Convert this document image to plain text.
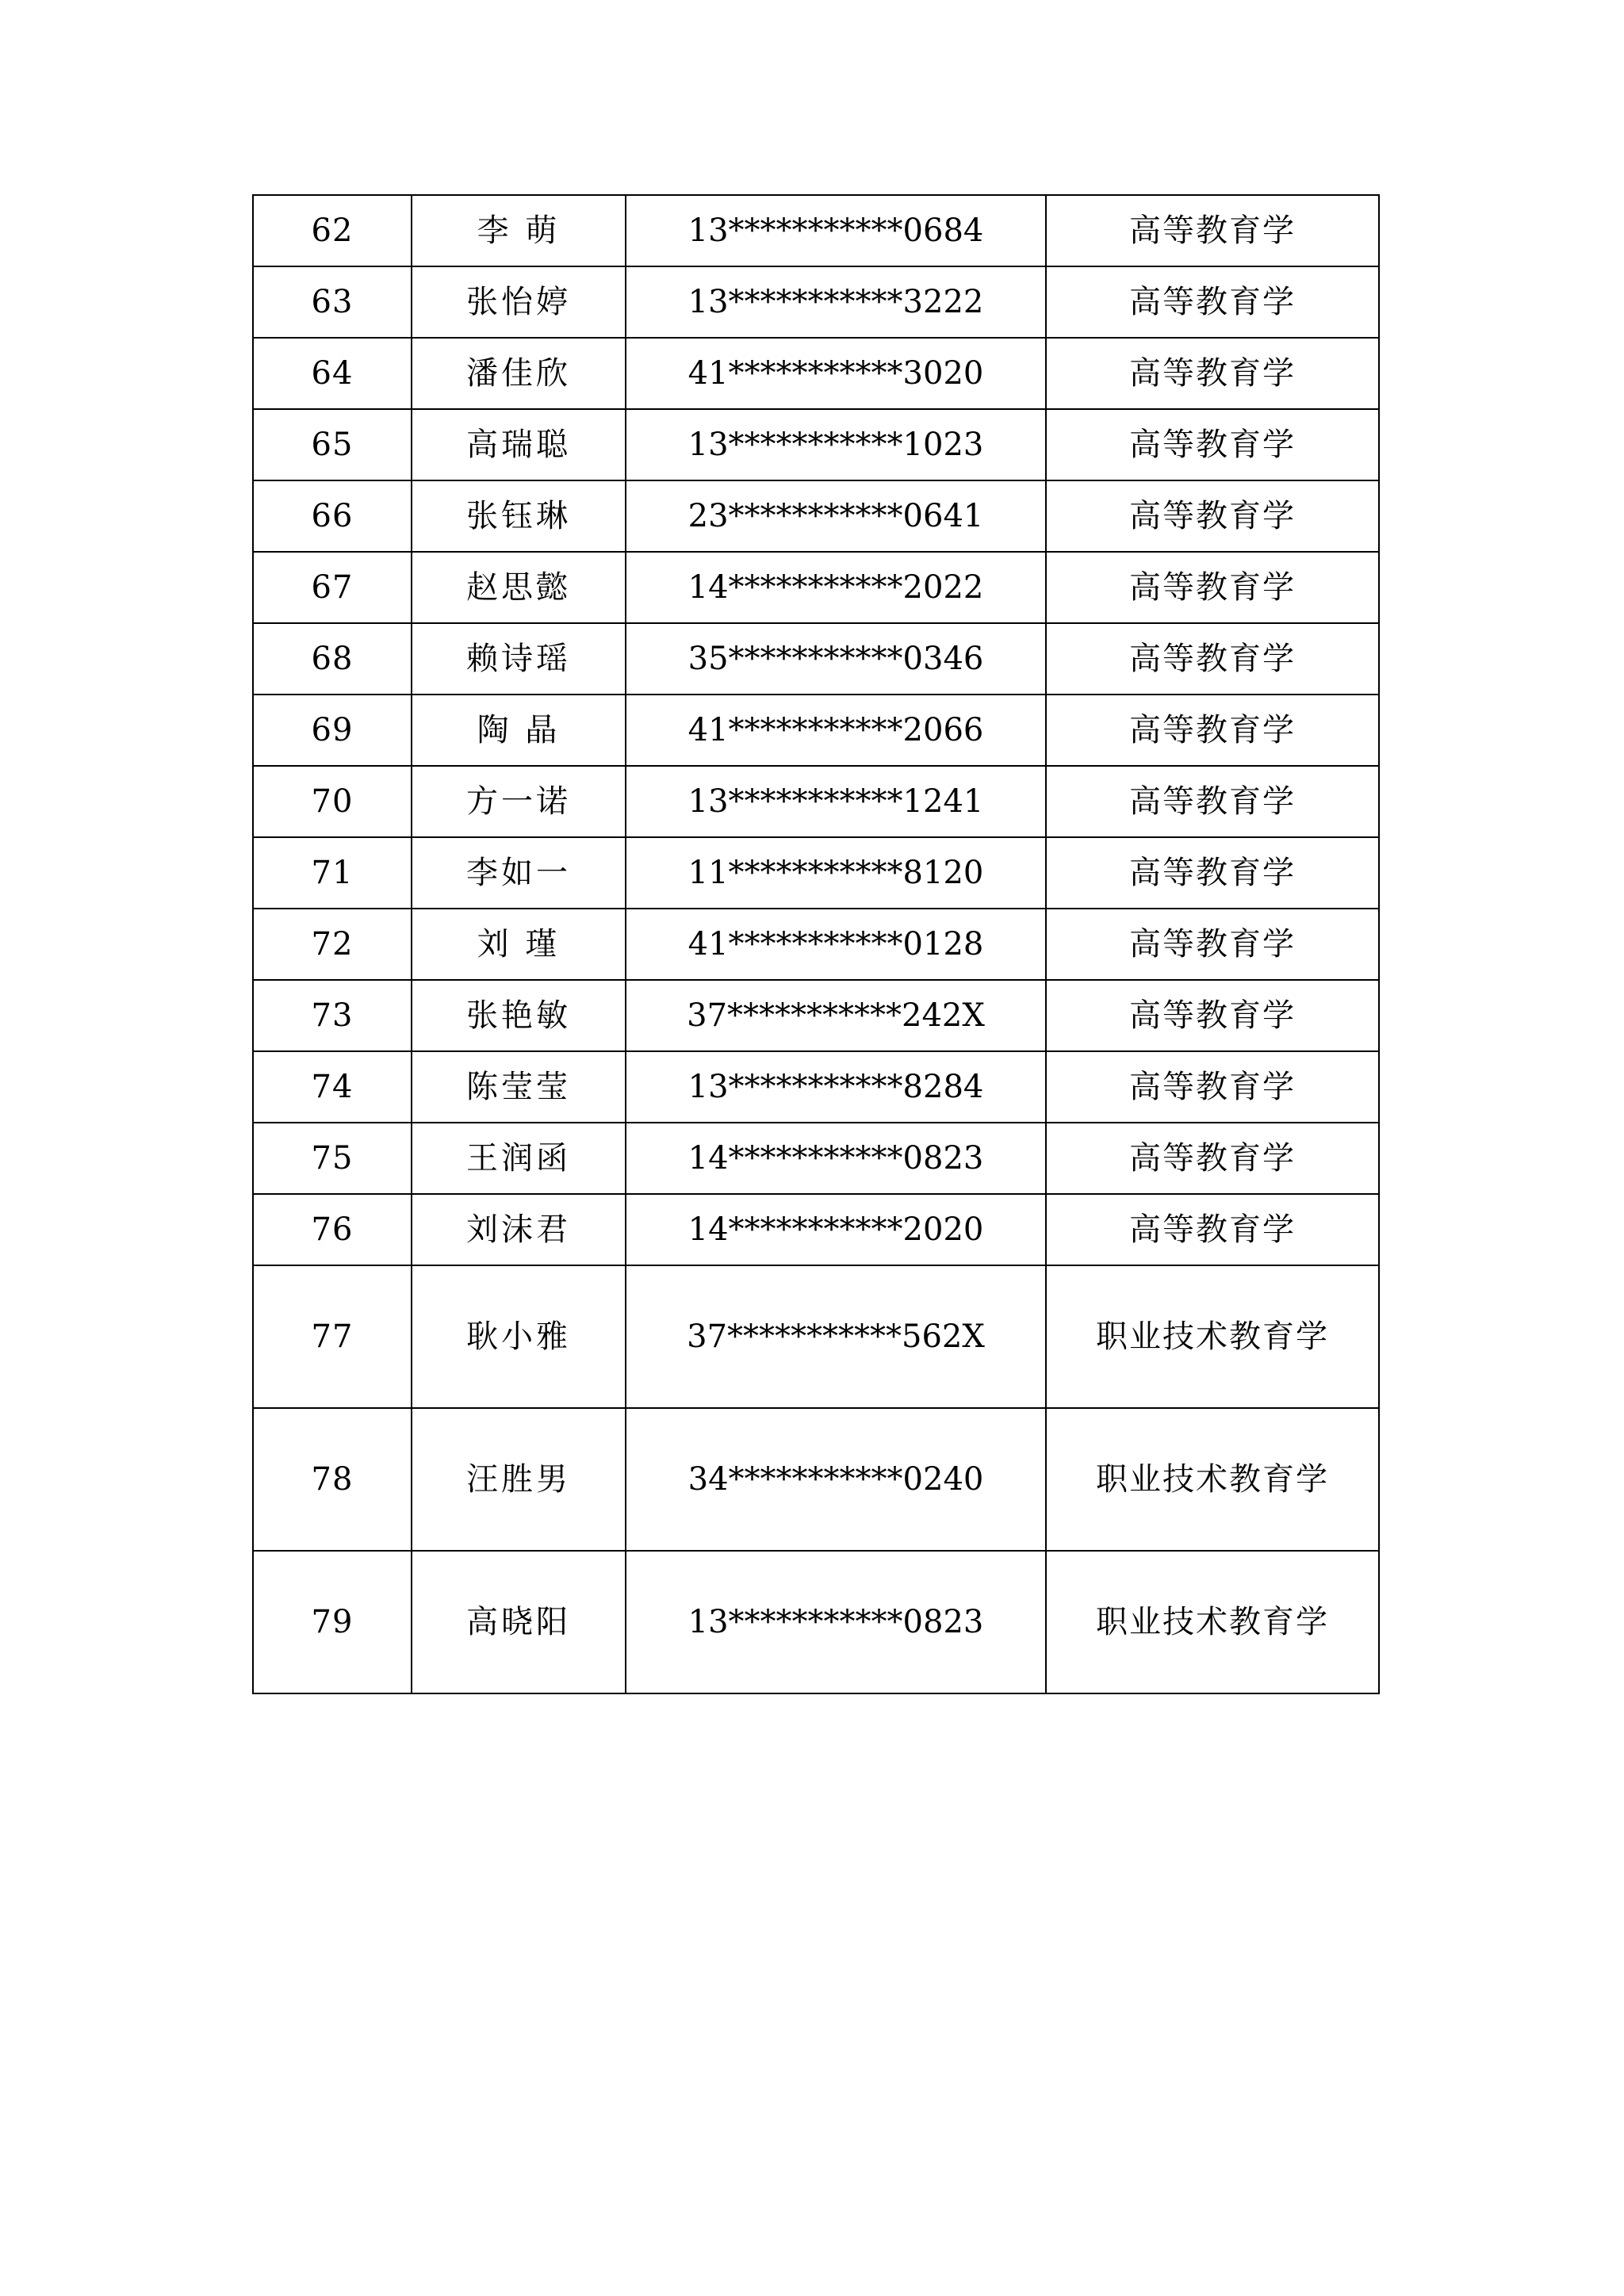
62	李 萌	13***********0684	高等教育学
63	张怡婷	13***********3222	高等教育学
64	潘佳欣	41***********3020	高等教育学
65	高瑞聪	13***********1023	高等教育学
66	张钰琳	23***********0641	高等教育学
67	赵思懿	14***********2022	高等教育学
68	赖诗瑶	35***********0346	高等教育学
69	陶 晶	41***********2066	高等教育学
70	方一诺	13***********1241	高等教育学
71	李如一	11***********8120	高等教育学
72	刘 瑾	41***********0128	高等教育学
73	张艳敏	37***********242X	高等教育学
74	陈莹莹	13***********8284	高等教育学
75	王润函	14***********0823	高等教育学
76	刘沫君	14***********2020	高等教育学
77	耿小雅	37***********562X	职业技术教育学
78	汪胜男	34***********0240	职业技术教育学
79	高晓阳	13***********0823	职业技术教育学
